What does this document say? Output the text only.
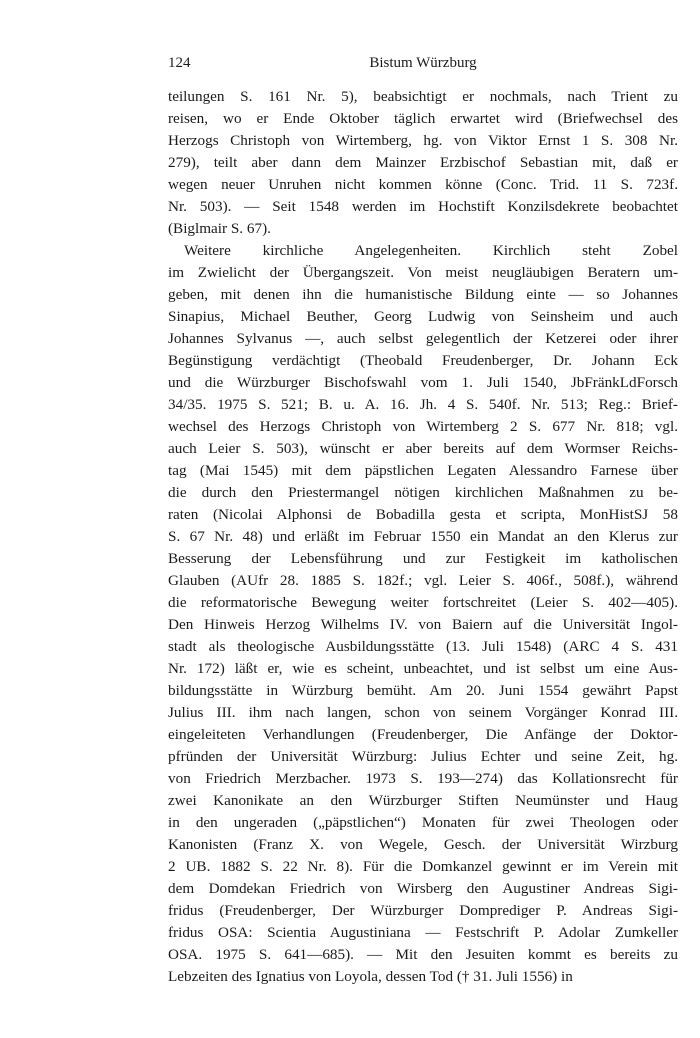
124	Bistum Würzburg
teilungen S. 161 Nr. 5), beabsichtigt er nochmals, nach Trient zu
reisen, wo er Ende Oktober täglich erwartet wird (Briefwechsel des
Herzogs Christoph von Wirtemberg, hg. von Viktor Ernst 1 S. 308 Nr.
279), teilt aber dann dem Mainzer Erzbischof Sebastian mit, daß er
wegen neuer Unruhen nicht kommen könne (Conc. Trid. 11 S. 723f.
Nr. 503). — Seit 1548 werden im Hochstift Konzilsdekrete beobachtet
(Biglmair S. 67).
Weitere kirchliche Angelegenheiten. Kirchlich steht Zobel
im Zwielicht der Übergangszeit. Von meist neugläubigen Beratern um-
geben, mit denen ihn die humanistische Bildung einte — so Johannes
Sinapius, Michael Beuther, Georg Ludwig von Seinsheim und auch
Johannes Sylvanus —, auch selbst gelegentlich der Ketzerei oder ihrer
Begünstigung verdächtigt (Theobald Freudenberger, Dr. Johann Eck
und die Würzburger Bischofswahl vom 1. Juli 1540, JbFränkLdForsch
34/35. 1975 S. 521; B. u. A. 16. Jh. 4 S. 540f. Nr. 513; Reg.: Brief-
wechsel des Herzogs Christoph von Wirtemberg 2 S. 677 Nr. 818; vgl.
auch Leier S. 503), wünscht er aber bereits auf dem Wormser Reichs-
tag (Mai 1545) mit dem päpstlichen Legaten Alessandro Farnese über
die durch den Priestermangel nötigen kirchlichen Maßnahmen zu be-
raten (Nicolai Alphonsi de Bobadilla gesta et scripta, MonHistSJ 58
S. 67 Nr. 48) und erläßt im Februar 1550 ein Mandat an den Klerus zur
Besserung der Lebensführung und zur Festigkeit im katholischen
Glauben (AUfr 28. 1885 S. 182f.; vgl. Leier S. 406f., 508f.), während
die reformatorische Bewegung weiter fortschreitet (Leier S. 402—405).
Den Hinweis Herzog Wilhelms IV. von Baiern auf die Universität Ingol-
stadt als theologische Ausbildungsstätte (13. Juli 1548) (ARC 4 S. 431
Nr. 172) läßt er, wie es scheint, unbeachtet, und ist selbst um eine Aus-
bildungsstätte in Würzburg bemüht. Am 20. Juni 1554 gewährt Papst
Julius III. ihm nach langen, schon von seinem Vorgänger Konrad III.
eingeleiteten Verhandlungen (Freudenberger, Die Anfänge der Doktor-
pfründen der Universität Würzburg: Julius Echter und seine Zeit, hg.
von Friedrich Merzbacher. 1973 S. 193—274) das Kollationsrecht für
zwei Kanonikate an den Würzburger Stiften Neumünster und Haug
in den ungeraden („päpstlichen“) Monaten für zwei Theologen oder
Kanonisten (Franz X. von Wegele, Gesch. der Universität Wirzburg
2 UB. 1882 S. 22 Nr. 8). Für die Domkanzel gewinnt er im Verein mit
dem Domdekan Friedrich von Wirsberg den Augustiner Andreas Sigi-
fridus (Freudenberger, Der Würzburger Domprediger P. Andreas Sigi-
fridus OSA: Scientia Augustiniana — Festschrift P. Adolar Zumkeller
OSA. 1975 S. 641—685). — Mit den Jesuiten kommt es bereits zu
Lebzeiten des Ignatius von Loyola, dessen Tod († 31. Juli 1556) in
